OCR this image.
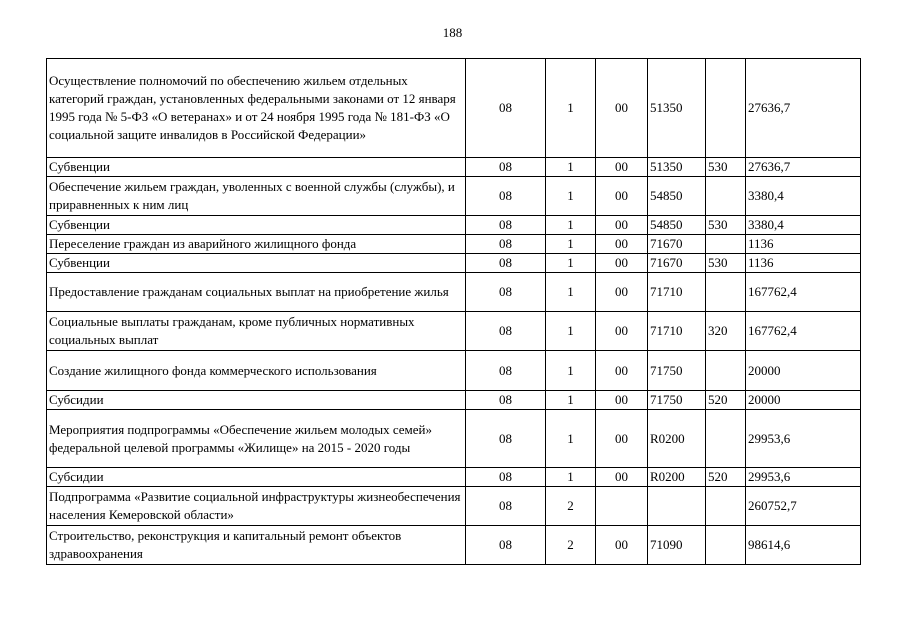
188
Осуществление полномочий по обеспечению жильем отдельных категорий граждан, установленных федеральными законами от 12 января 1995 года № 5-ФЗ «О ветеранах» и от 24 ноября 1995 года № 181-ФЗ «О социальной защите инвалидов в Российской Федерации»	08	1	00	51350		27636,7
Субвенции	08	1	00	51350	530	27636,7
Обеспечение жильем граждан, уволенных с военной службы (службы), и приравненных к ним лиц	08	1	00	54850		3380,4
Субвенции	08	1	00	54850	530	3380,4
Переселение граждан из аварийного жилищного фонда	08	1	00	71670		1136
Субвенции	08	1	00	71670	530	1136
Предоставление гражданам социальных выплат на приобретение жилья	08	1	00	71710		167762,4
Социальные выплаты гражданам, кроме публичных нормативных социальных выплат	08	1	00	71710	320	167762,4
Создание жилищного фонда коммерческого использования	08	1	00	71750		20000
Субсидии	08	1	00	71750	520	20000
Мероприятия подпрограммы «Обеспечение жильем молодых семей» федеральной целевой программы «Жилище» на 2015 - 2020 годы	08	1	00	R0200		29953,6
Субсидии	08	1	00	R0200	520	29953,6
Подпрограмма «Развитие социальной инфраструктуры жизнеобеспечения населения Кемеровской области»	08	2				260752,7
Строительство, реконструкция и капитальный ремонт объектов здравоохранения	08	2	00	71090		98614,6
